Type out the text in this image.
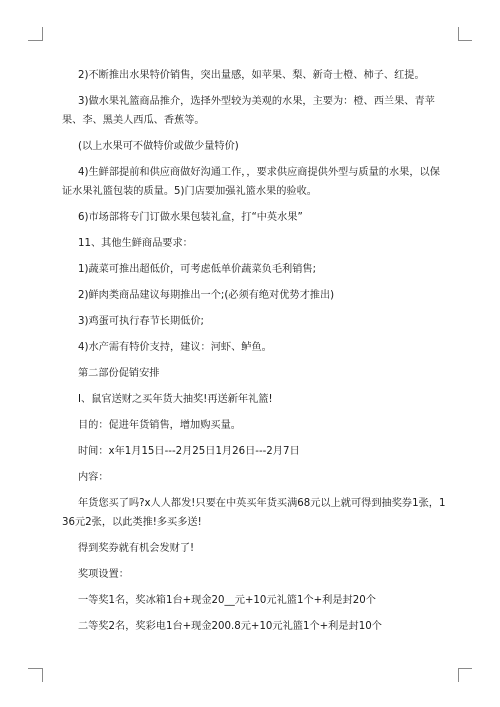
2)不断推出水果特价销售，突出量感，如苹果、梨、新奇士橙、柿子、红提。

3)做水果礼篮商品推介，选择外型较为美观的水果，主要为：橙、西兰果、青苹果、李、黑美人西瓜、香蕉等。

(以上水果可不做特价或做少量特价)

4)生鲜部提前和供应商做好沟通工作，，要求供应商提供外型与质量的水果，以保证水果礼篮包装的质量。5)门店要加强礼篮水果的验收。

6)市场部将专门订做水果包装礼盒，打“中英水果”

11、其他生鲜商品要求：

1)蔬菜可推出超低价，可考虑低单价蔬菜负毛利销售;

2)鲜肉类商品建议每期推出一个;(必须有绝对优势才推出)

3)鸡蛋可执行春节长期低价;

4)水产需有特价支持，建议：河虾、鲈鱼。

第二部份促销安排

I、鼠官送财之买年货大抽奖!再送新年礼篮!

目的：促进年货销售，增加购买量。

时间：x年1月15日---2月25日1月26日---2月7日

内容：

年货您买了吗?x人人都发!只要在中英买年货买满68元以上就可得到抽奖券1张，136元2张，以此类推!多买多送!

得到奖券就有机会发财了!

奖项设置：

一等奖1名，奖冰箱1台+现金20__元+10元礼篮1个+利是封20个

二等奖2名，奖彩电1台+现金200.8元+10元礼篮1个+利是封10个
